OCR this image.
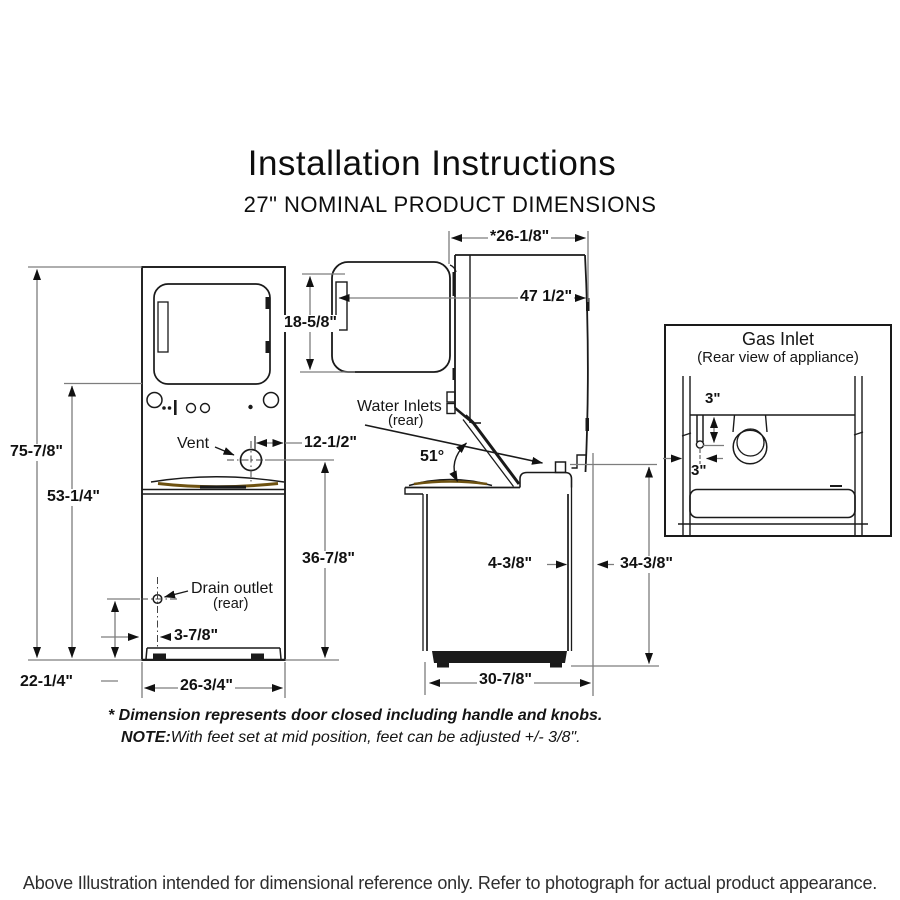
Installation Instructions
27" NOMINAL PRODUCT DIMENSIONS
75-7/8"
53-1/4"
22-1/4"	26-3/4"
Vent	12-1/2"
36-7/8"
Drain outlet
(rear)
3-7/8"
18-5/8"
*26-1/8"
47 1/2"
Water Inlets
(rear)
51°
4-3/8"	34-3/8"
30-7/8"
Gas Inlet
(Rear view of appliance)
3"
3"
* Dimension represents door closed including handle and knobs.
NOTE:With feet set at mid position, feet can be adjusted +/- 3/8".
Above Illustration intended for dimensional reference only. Refer to photograph for actual product appearance.
